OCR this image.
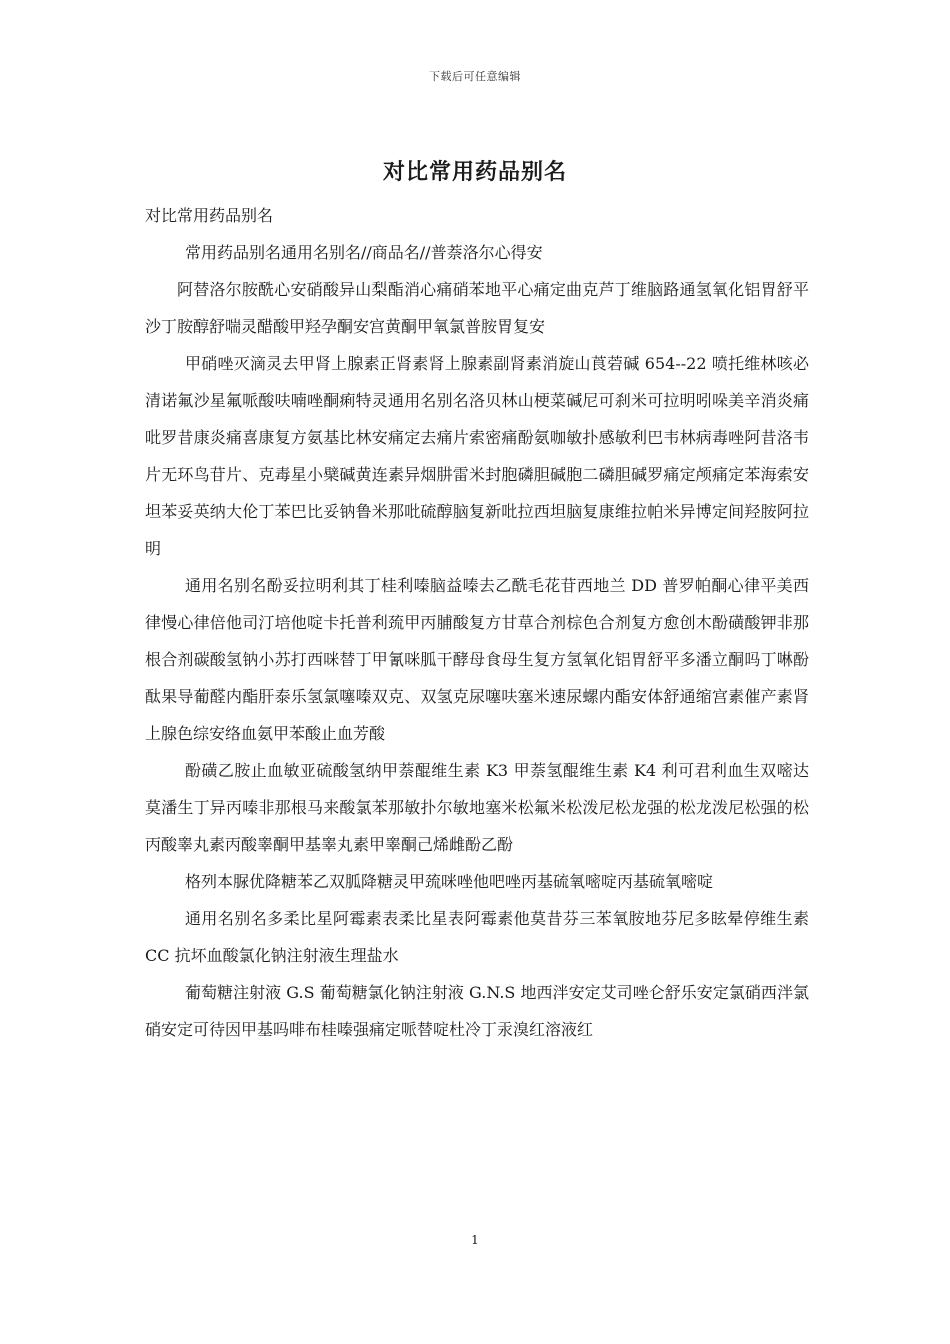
下载后可任意编辑
对比常用药品别名

对比常用药品别名

常用药品别名通用名别名//商品名//普萘洛尔心得安

阿替洛尔胺酰心安硝酸异山梨酯消心痛硝苯地平心痛定曲克芦丁维脑路通氢氧化铝胃舒平沙丁胺醇舒喘灵醋酸甲羟孕酮安宫黄酮甲氧氯普胺胃复安

甲硝唑灭滴灵去甲肾上腺素正肾素肾上腺素副肾素消旋山莨菪碱 654--22 喷托维林咳必清诺氟沙星氟哌酸呋喃唑酮痢特灵通用名别名洛贝林山梗菜碱尼可刹米可拉明吲哚美辛消炎痛吡罗昔康炎痛喜康复方氨基比林安痛定去痛片索密痛酚氨咖敏扑感敏利巴韦林病毒唑阿昔洛韦片无环鸟苷片、克毒星小檗碱黄连素异烟肼雷米封胞磷胆碱胞二磷胆碱罗痛定颅痛定苯海索安坦苯妥英纳大伦丁苯巴比妥钠鲁米那吡硫醇脑复新吡拉西坦脑复康维拉帕米异博定间羟胺阿拉明

通用名别名酚妥拉明利其丁桂利嗪脑益嗪去乙酰毛花苷西地兰 DD 普罗帕酮心律平美西律慢心律倍他司汀培他啶卡托普利巯甲丙脯酸复方甘草合剂棕色合剂复方愈创木酚磺酸钾非那根合剂碳酸氢钠小苏打西咪替丁甲氰咪胍干酵母食母生复方氢氧化铝胃舒平多潘立酮吗丁啉酚酞果导葡醛内酯肝泰乐氢氯噻嗪双克、双氢克尿噻呋塞米速尿螺内酯安体舒通缩宫素催产素肾上腺色综安络血氨甲苯酸止血芳酸

酚磺乙胺止血敏亚硫酸氢纳甲萘醌维生素 K3 甲萘氢醌维生素 K4 利可君利血生双嘧达莫潘生丁异丙嗪非那根马来酸氯苯那敏扑尔敏地塞米松氟米松泼尼松龙强的松龙泼尼松强的松丙酸睾丸素丙酸睾酮甲基睾丸素甲睾酮己烯雌酚乙酚

格列本脲优降糖苯乙双胍降糖灵甲巯咪唑他吧唑丙基硫氧嘧啶丙基硫氧嘧啶

通用名别名多柔比星阿霉素表柔比星表阿霉素他莫昔芬三苯氧胺地芬尼多眩晕停维生素 CC 抗坏血酸氯化钠注射液生理盐水

葡萄糖注射液 G.S 葡萄糖氯化钠注射液 G.N.S 地西泮安定艾司唑仑舒乐安定氯硝西泮氯硝安定可待因甲基吗啡布桂嗪强痛定哌替啶杜冷丁汞溴红溶液红

1
